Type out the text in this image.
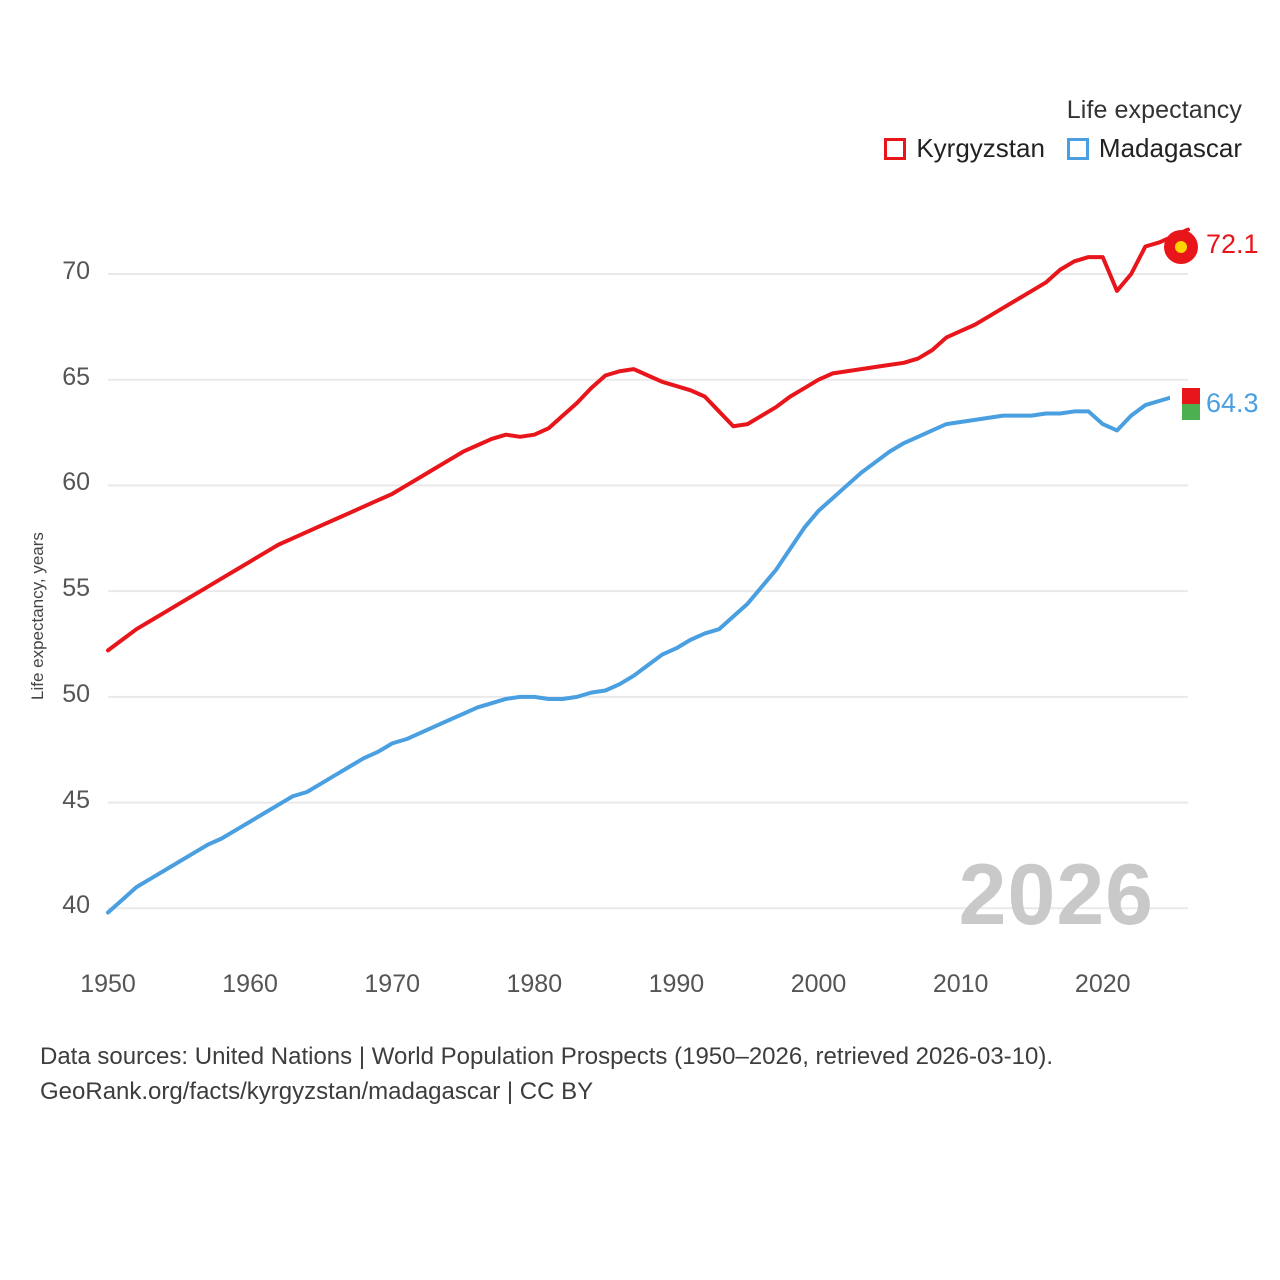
Life expectancy
Kyrgyzstan Madagascar
Life expectancy, years
40
45
50
55
60
65
70
1950	1960	1970	1980	1990	2000	2010	2020
2026
72.1
64.3
Data sources: United Nations | World Population Prospects (1950–2026, retrieved 2026-03-10).
GeoRank.org/facts/kyrgyzstan/madagascar | CC BY
